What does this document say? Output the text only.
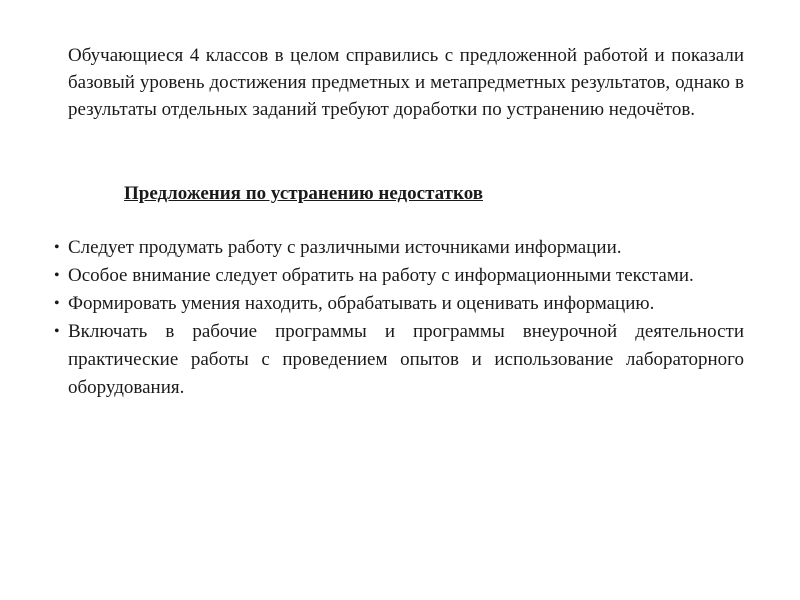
Обучающиеся 4 классов в целом справились с предложенной работой и показали базовый уровень достижения предметных и метапредметных результатов, однако в результаты отдельных заданий требуют доработки по устранению недочётов.

Предложения по устранению недостатков

• Следует продумать работу с различными источниками информации.
• Особое внимание следует обратить на работу с информационными текстами.
• Формировать умения находить, обрабатывать и оценивать информацию.
• Включать в рабочие программы и программы внеурочной деятельности практические работы с проведением опытов и использование лабораторного оборудования.
